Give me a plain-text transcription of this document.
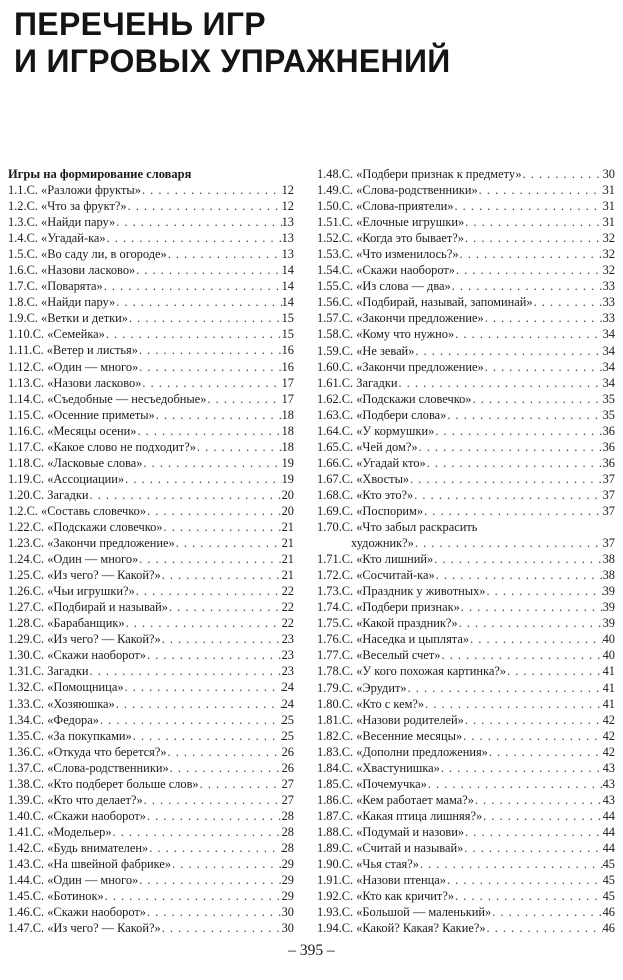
ПЕРЕЧЕНЬ ИГР
И ИГРОВЫХ УПРАЖНЕНИЙ
Игры на формирование словаря
1.1.С. «Разложи фрукты» . . .	12
1.2.С. «Что за фрукт?» . . .	12
1.3.С. «Найди пару» . . .	13
1.4.С. «Угадай-ка» . . .	13
1.5.С. «Во саду ли, в огороде» . . .	13
1.6.С. «Назови ласково» . . .	14
1.7.С. «Поварята» . . .	14
1.8.С. «Найди пару» . . .	14
1.9.С. «Ветки и детки» . . .	15
1.10.С. «Семейка» . . .	15
1.11.С. «Ветер и листья» . . .	16
1.12.С. «Один — много» . . .	16
1.13.С. «Назови ласково» . . .	17
1.14.С. «Съедобные — несъедобные» . . .	17
1.15.С. «Осенние приметы» . . .	18
1.16.С. «Месяцы осени» . . .	18
1.17.С. «Какое слово не подходит?» . . .	18
1.18.С. «Ласковые слова» . . .	19
1.19.С. «Ассоциации» . . .	19
1.20.С. Загадки . . .	20
1.2.С. «Составь словечко» . . .	20
1.22.С. «Подскажи словечко» . . .	21
1.23.С. «Закончи предложение» . . .	21
1.24.С. «Один — много» . . .	21
1.25.С. «Из чего? — Какой?» . . .	21
1.26.С. «Чьи игрушки?» . . .	22
1.27.С. «Подбирай и называй» . . .	22
1.28.С. «Барабанщик» . . .	22
1.29.С. «Из чего? — Какой?» . . .	23
1.30.С. «Скажи наоборот» . . .	23
1.31.С. Загадки . . .	23
1.32.С. «Помощница» . . .	24
1.33.С. «Хозяюшка» . . .	24
1.34.С. «Федора» . . .	25
1.35.С. «За покупками» . . .	25
1.36.С. «Откуда что берется?» . . .	26
1.37.С. «Слова-родственники» . . .	26
1.38.С. «Кто подберет больше слов» . . .	27
1.39.С. «Кто что делает?» . . .	27
1.40.С. «Скажи наоборот» . . .	28
1.41.С. «Модельер» . . .	28
1.42.С. «Будь внимателен» . . .	28
1.43.С. «На швейной фабрике» . . .	29
1.44.С. «Один — много» . . .	29
1.45.С. «Ботинок» . . .	29
1.46.С. «Скажи наоборот» . . .	30
1.47.С. «Из чего? — Какой?» . . .	30
1.48.С. «Подбери признак к предмету» . . .	30
1.49.С. «Слова-родственники» . . .	31
1.50.С. «Слова-приятели» . . .	31
1.51.С. «Елочные игрушки» . . .	31
1.52.С. «Когда это бывает?» . . .	32
1.53.С. «Что изменилось?» . . .	32
1.54.С. «Скажи наоборот» . . .	32
1.55.С. «Из слова — два» . . .	33
1.56.С. «Подбирай, называй, запоминай» . . .	33
1.57.С. «Закончи предложение» . . .	33
1.58.С. «Кому что нужно» . . .	34
1.59.С. «Не зевай» . . .	34
1.60.С. «Закончи предложение» . . .	34
1.61.С. Загадки . . .	34
1.62.С. «Подскажи словечко» . . .	35
1.63.С. «Подбери слова» . . .	35
1.64.С. «У кормушки» . . .	36
1.65.С. «Чей дом?» . . .	36
1.66.С. «Угадай кто» . . .	36
1.67.С. «Хвосты» . . .	37
1.68.С. «Кто это?» . . .	37
1.69.С. «Поспорим» . . .	37
1.70.С. «Что забыл раскрасить
художник?» . . .	37
1.71.С. «Кто лишний» . . .	38
1.72.С. «Сосчитай-ка» . . .	38
1.73.С. «Праздник у животных» . . .	39
1.74.С. «Подбери признак» . . .	39
1.75.С. «Какой праздник?» . . .	39
1.76.С. «Наседка и цыплята» . . .	40
1.77.С. «Веселый счет» . . .	40
1.78.С. «У кого похожая картинка?» . . .	41
1.79.С. «Эрудит» . . .	41
1.80.С. «Кто с кем?» . . .	41
1.81.С. «Назови родителей» . . .	42
1.82.С. «Весенние месяцы» . . .	42
1.83.С. «Дополни предложения» . . .	42
1.84.С. «Хвастунишка» . . .	43
1.85.С. «Почемучка» . . .	43
1.86.С. «Кем работает мама?» . . .	43
1.87.С. «Какая птица лишняя?» . . .	44
1.88.С. «Подумай и назови» . . .	44
1.89.С. «Считай и называй» . . .	44
1.90.С. «Чья стая?» . . .	45
1.91.С. «Назови птенца» . . .	45
1.92.С. «Кто как кричит?» . . .	45
1.93.С. «Большой — маленький» . . .	46
1.94.С. «Какой? Какая? Какие?» . . .	46
– 395 –
